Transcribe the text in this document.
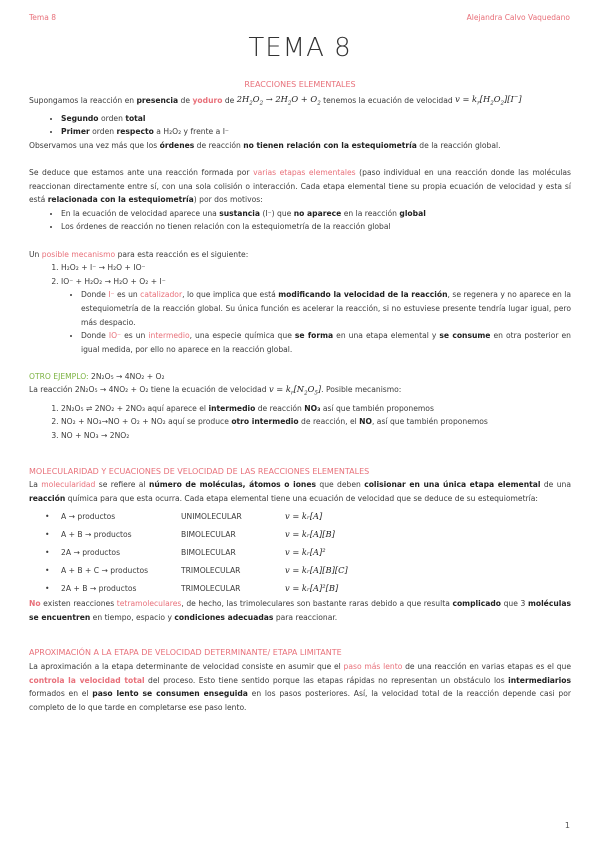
Tema 8	Alejandra Calvo Vaquedano
TEMA 8

REACCIONES ELEMENTALES

Supongamos la reacción en presencia de yoduro de $2H_2O_2 \to 2H_2O + O_2$ tenemos la ecuación de velocidad $v = k_r[H_2O_2][I^-]$

• Segundo orden total
• Primer orden respecto a H₂O₂ y frente a I⁻

Observamos una vez más que los órdenes de reacción no tienen relación con la estequiometría de la reacción global.

Se deduce que estamos ante una reacción formada por varias etapas elementales (paso individual en una reacción donde las moléculas reaccionan directamente entre sí, con una sola colisión o interacción. Cada etapa elemental tiene su propia ecuación de velocidad y esta sí está relacionada con la estequiometría) por dos motivos:

• En la ecuación de velocidad aparece una sustancia (I⁻) que no aparece en la reacción global
• Los órdenes de reacción no tienen relación con la estequiometría de la reacción global

Un posible mecanismo para esta reacción es el siguiente:

1. H₂O₂ + I⁻ → H₂O + IO⁻
2. IO⁻ + H₂O₂ → H₂O + O₂ + I⁻
• Donde I⁻ es un catalizador, lo que implica que está modificando la velocidad de la reacción, se regenera y no aparece en la estequiometría de la reacción global. Su única función es acelerar la reacción, si no estuviese presente tendría lugar igual, pero más despacio.
• Donde IO⁻ es un intermedio, una especie química que se forma en una etapa elemental y se consume en otra posterior en igual medida, por ello no aparece en la reacción global.

OTRO EJEMPLO: 2N₂O₅ → 4NO₂ + O₂

La reacción 2N₂O₅ → 4NO₂ + O₂ tiene la ecuación de velocidad $v = k_r[N_2O_5]$. Posible mecanismo:

1. 2N₂O₅ ⇌ 2NO₂ + 2NO₃ aquí aparece el intermedio de reacción NO₃ así que también proponemos
2. NO₂ + NO₃→NO + O₂ + NO₂ aquí se produce otro intermedio de reacción, el NO, así que también proponemos
3. NO + NO₃ → 2NO₂

MOLECULARIDAD Y ECUACIONES DE VELOCIDAD DE LAS REACCIONES ELEMENTALES

La molecularidad se refiere al número de moléculas, átomos o iones que deben colisionar en una única etapa elemental de una reacción química para que esta ocurra. Cada etapa elemental tiene una ecuación de velocidad que se deduce de su estequiometría:

•	A → productos	UNIMOLECULAR	v = kᵣ[A]
•	A + B → productos	BIMOLECULAR	v = kᵣ[A][B]
•	2A → productos	BIMOLECULAR	v = kᵣ[A]²
•	A + B + C → productos	TRIMOLECULAR	v = kᵣ[A][B][C]
•	2A + B → productos	TRIMOLECULAR	v = kᵣ[A]²[B]

No existen reacciones tetramoleculares, de hecho, las trimoleculares son bastante raras debido a que resulta complicado que 3 moléculas se encuentren en tiempo, espacio y condiciones adecuadas para reaccionar.

APROXIMACIÓN A LA ETAPA DE VELOCIDAD DETERMINANTE/ ETAPA LIMITANTE

La aproximación a la etapa determinante de velocidad consiste en asumir que el paso más lento de una reacción en varias etapas es el que controla la velocidad total del proceso. Esto tiene sentido porque las etapas rápidas no representan un obstáculo los intermediarios formados en el paso lento se consumen enseguida en los pasos posteriores. Así, la velocidad total de la reacción depende casi por completo de lo que tarde en completarse ese paso lento.

1
